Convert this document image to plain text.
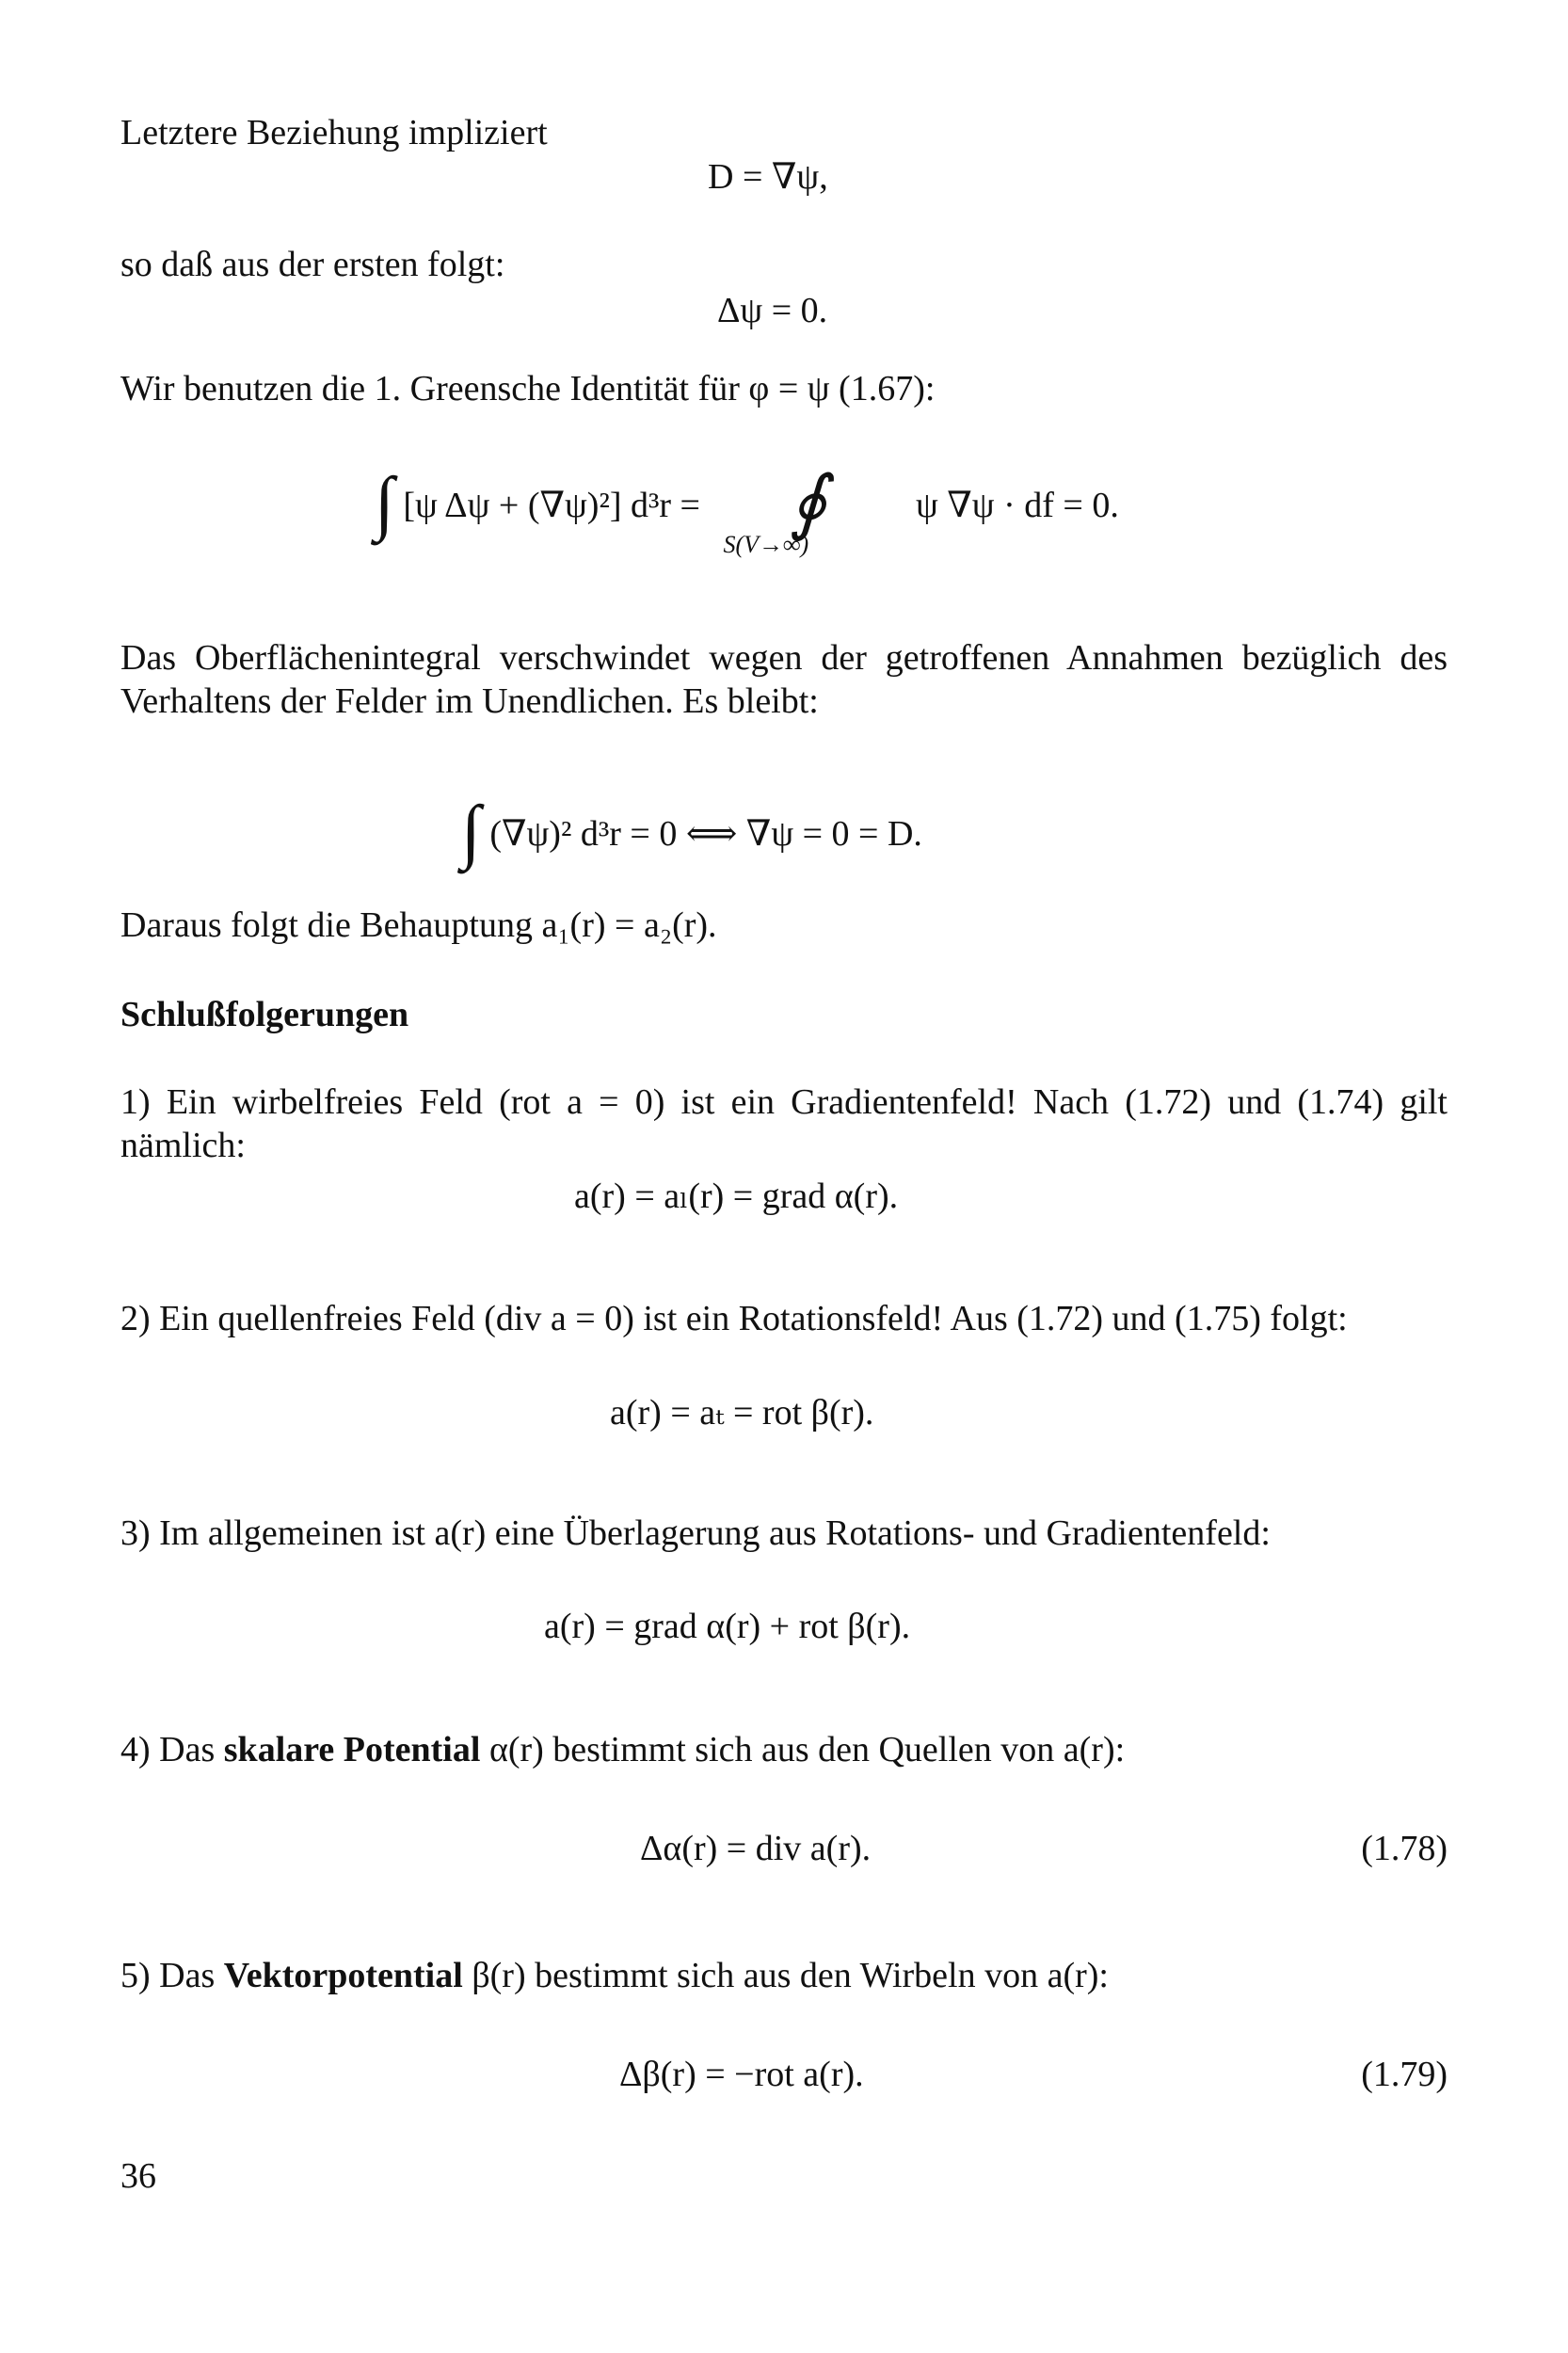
Letztere Beziehung impliziert
D = ∇ψ,
so daß aus der ersten folgt:
Δψ = 0.
Wir benutzen die 1. Greensche Identität für φ = ψ (1.67):
∫ [ψ Δψ + (∇ψ)²] d³r = ∮
S(V→∞)
ψ ∇ψ · df = 0.
Das Oberflächenintegral verschwindet wegen der getroffenen Annahmen bezüglich des Verhaltens der Felder im Unendlichen. Es bleibt:
∫ (∇ψ)² d³r = 0 ⟺ ∇ψ = 0 = D.
Daraus folgt die Behauptung a₁(r) = a₂(r).
Schlußfolgerungen
1) Ein wirbelfreies Feld (rot a = 0) ist ein Gradientenfeld! Nach (1.72) und (1.74) gilt nämlich:
a(r) = aₗ(r) = grad α(r).
2) Ein quellenfreies Feld (div a = 0) ist ein Rotationsfeld! Aus (1.72) und (1.75) folgt:
a(r) = aₜ = rot β(r).
3) Im allgemeinen ist a(r) eine Überlagerung aus Rotations- und Gradientenfeld:
a(r) = grad α(r) + rot β(r).
4) Das skalare Potential α(r) bestimmt sich aus den Quellen von a(r):
Δα(r) = div a(r).	(1.78)
5) Das Vektorpotential β(r) bestimmt sich aus den Wirbeln von a(r):
Δβ(r) = −rot a(r).	(1.79)
36
